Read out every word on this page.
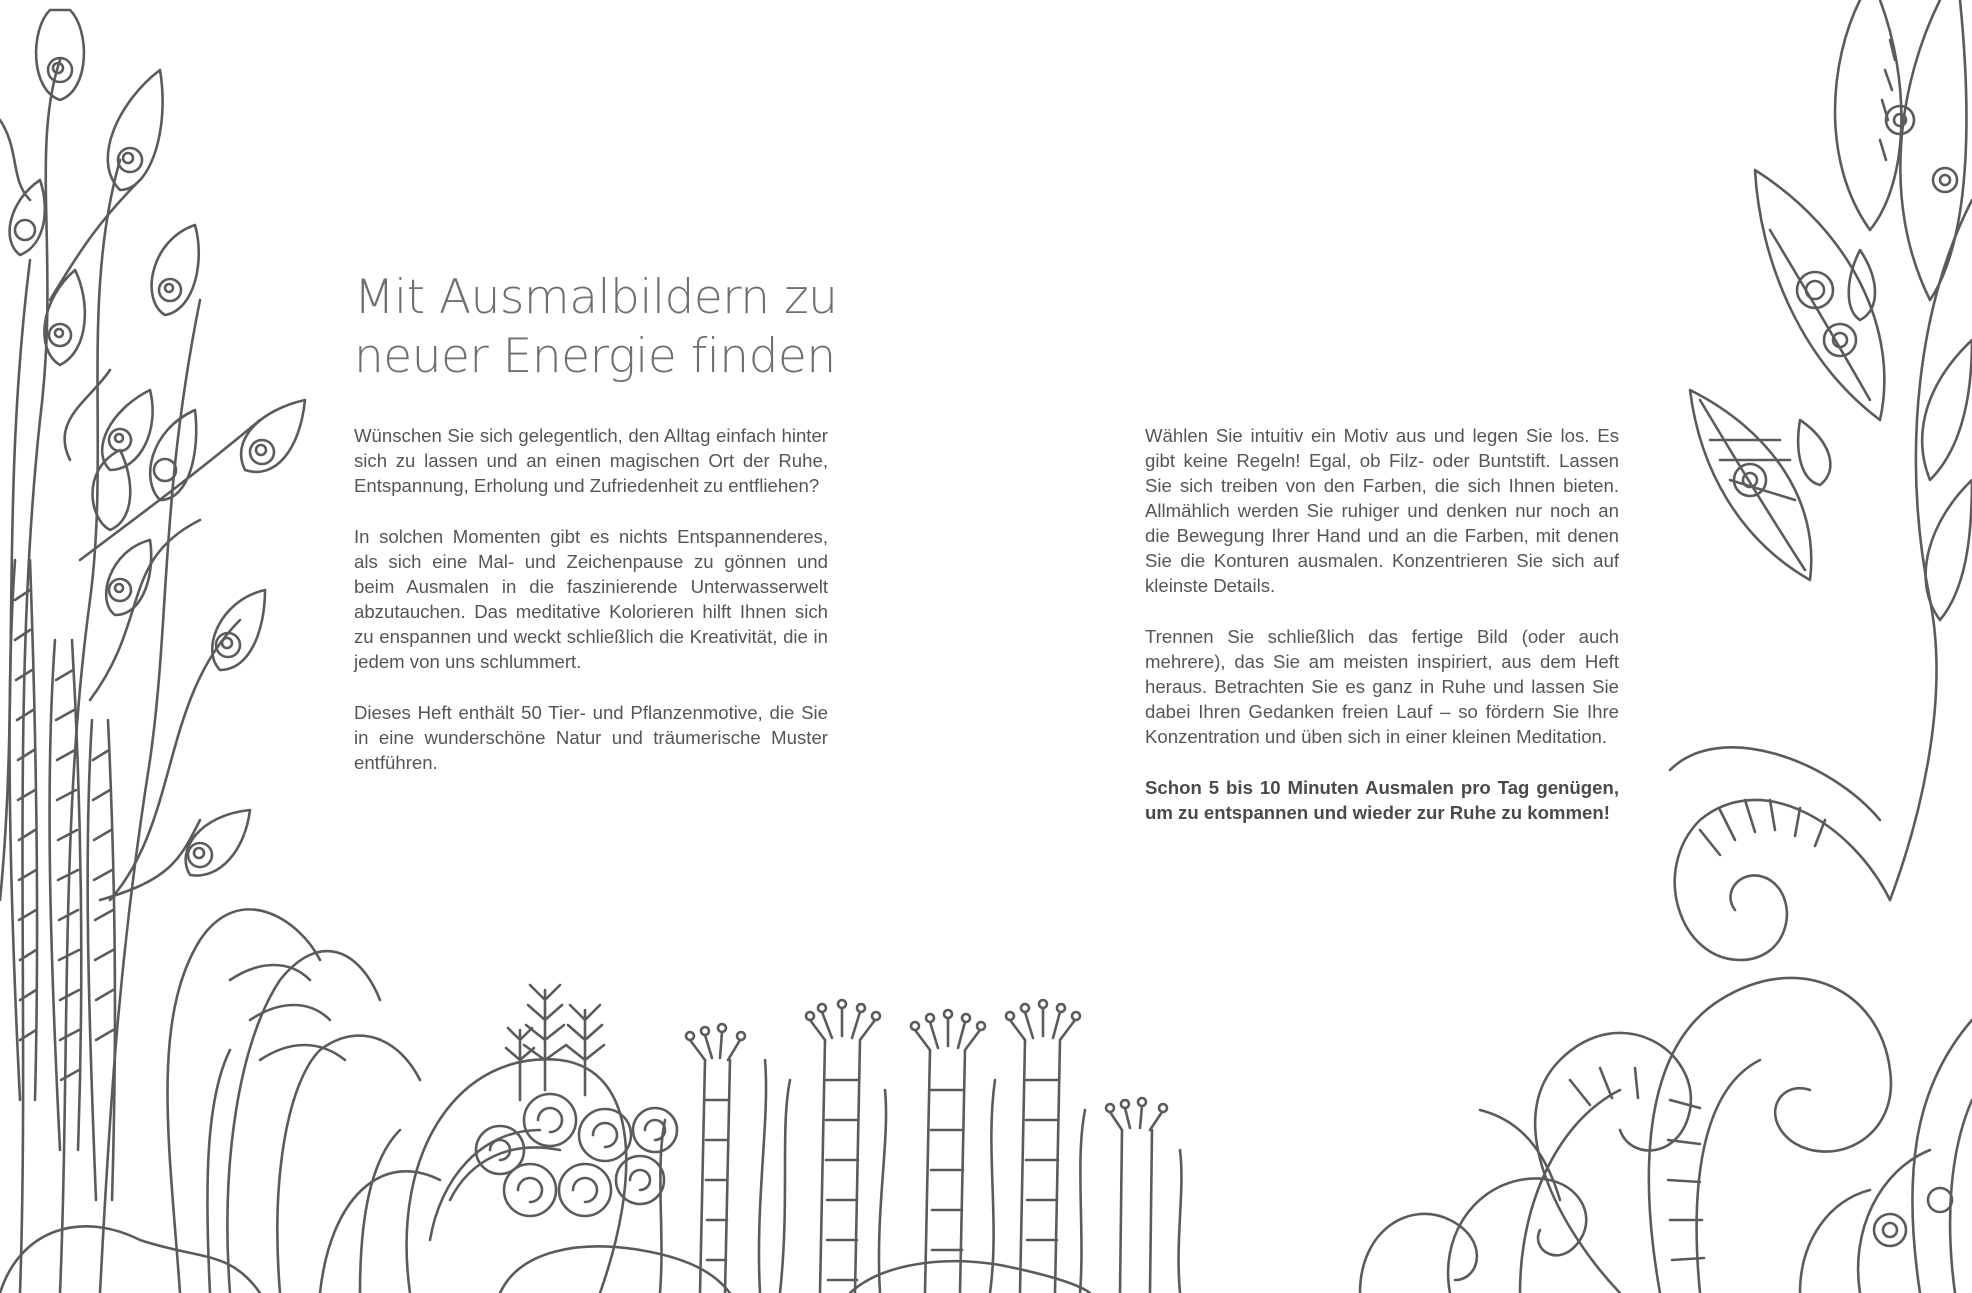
Mit Ausmalbildern zu
neuer Energie finden

Wünschen Sie sich gelegentlich, den Alltag einfach hinter sich zu lassen und an einen magischen Ort der Ruhe, Entspannung, Erholung und Zufriedenheit zu entfliehen?

In solchen Momenten gibt es nichts Entspannenderes, als sich eine Mal- und Zeichenpause zu gönnen und beim Ausmalen in die faszinierende Unterwasserwelt abzutauchen. Das meditative Kolorieren hilft Ihnen sich zu enspannen und weckt schließlich die Kreativität, die in jedem von uns schlummert.

Dieses Heft enthält 50 Tier- und Pflanzenmotive, die Sie in eine wunderschöne Natur und träumerische Muster entführen.

Wählen Sie intuitiv ein Motiv aus und legen Sie los. Es gibt keine Regeln! Egal, ob Filz- oder Buntstift. Lassen Sie sich treiben von den Farben, die sich Ihnen bieten. Allmählich werden Sie ruhiger und denken nur noch an die Bewegung Ihrer Hand und an die Farben, mit denen Sie die Konturen ausmalen. Konzentrieren Sie sich auf kleinste Details.

Trennen Sie schließlich das fertige Bild (oder auch mehrere), das Sie am meisten inspiriert, aus dem Heft heraus. Betrachten Sie es ganz in Ruhe und lassen Sie dabei Ihren Gedanken freien Lauf – so fördern Sie Ihre Konzentration und üben sich in einer kleinen Meditation.

Schon 5 bis 10 Minuten Ausmalen pro Tag genügen, um zu entspannen und wieder zur Ruhe zu kommen!
